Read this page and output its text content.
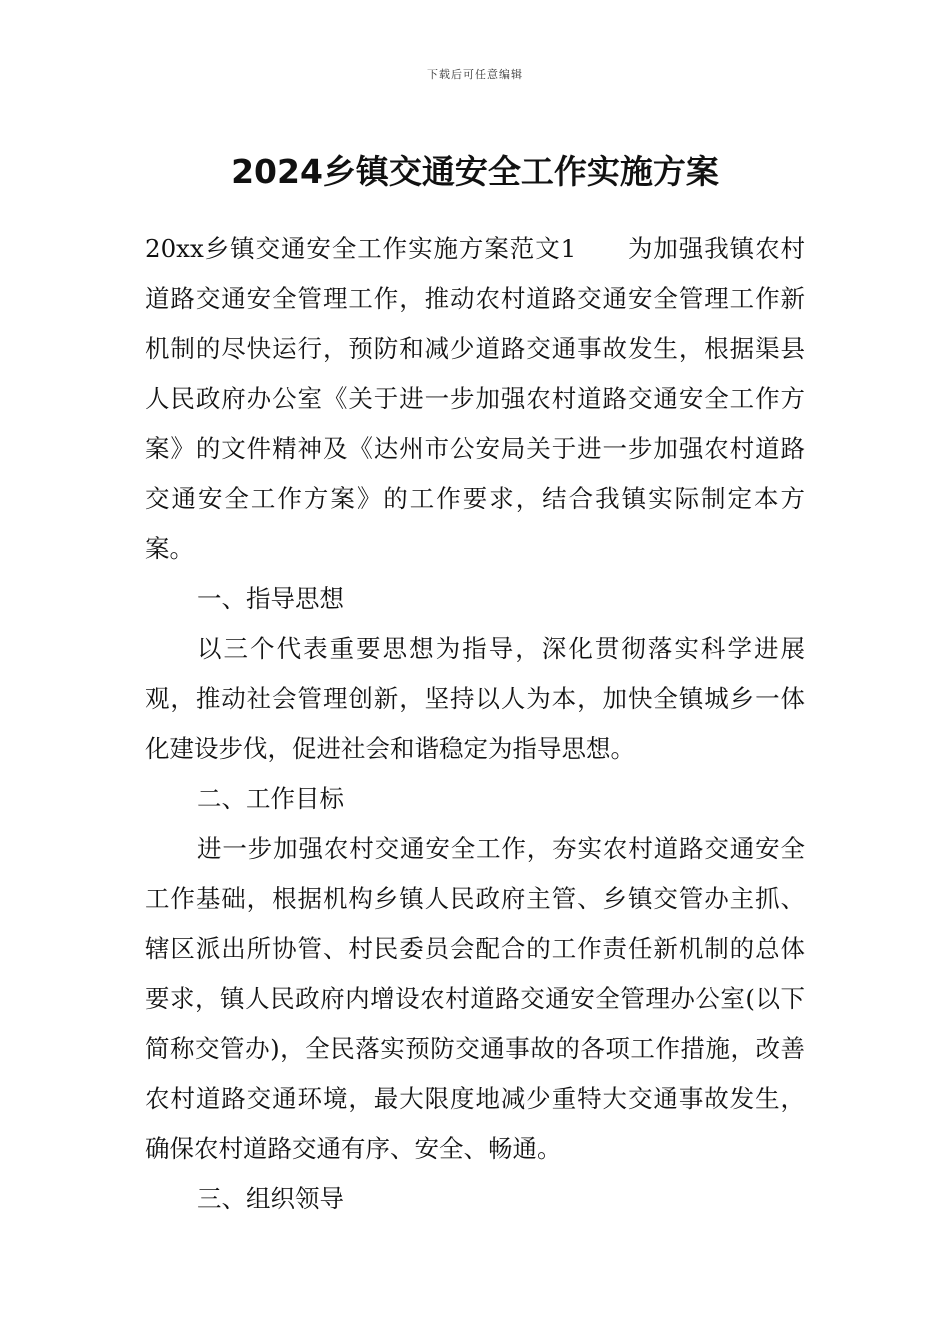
下载后可任意编辑
2024乡镇交通安全工作实施方案

20xx乡镇交通安全工作实施方案范文1　　为加强我镇农村道路交通安全管理工作，推动农村道路交通安全管理工作新机制的尽快运行，预防和减少道路交通事故发生，根据渠县人民政府办公室《关于进一步加强农村道路交通安全工作方案》的文件精神及《达州市公安局关于进一步加强农村道路交通安全工作方案》的工作要求，结合我镇实际制定本方案。

一、指导思想

以三个代表重要思想为指导，深化贯彻落实科学进展观，推动社会管理创新，坚持以人为本，加快全镇城乡一体化建设步伐，促进社会和谐稳定为指导思想。

二、工作目标

进一步加强农村交通安全工作，夯实农村道路交通安全工作基础，根据机构乡镇人民政府主管、乡镇交管办主抓、辖区派出所协管、村民委员会配合的工作责任新机制的总体要求，镇人民政府内增设农村道路交通安全管理办公室(以下简称交管办)，全民落实预防交通事故的各项工作措施，改善农村道路交通环境，最大限度地减少重特大交通事故发生，确保农村道路交通有序、安全、畅通。

三、组织领导
